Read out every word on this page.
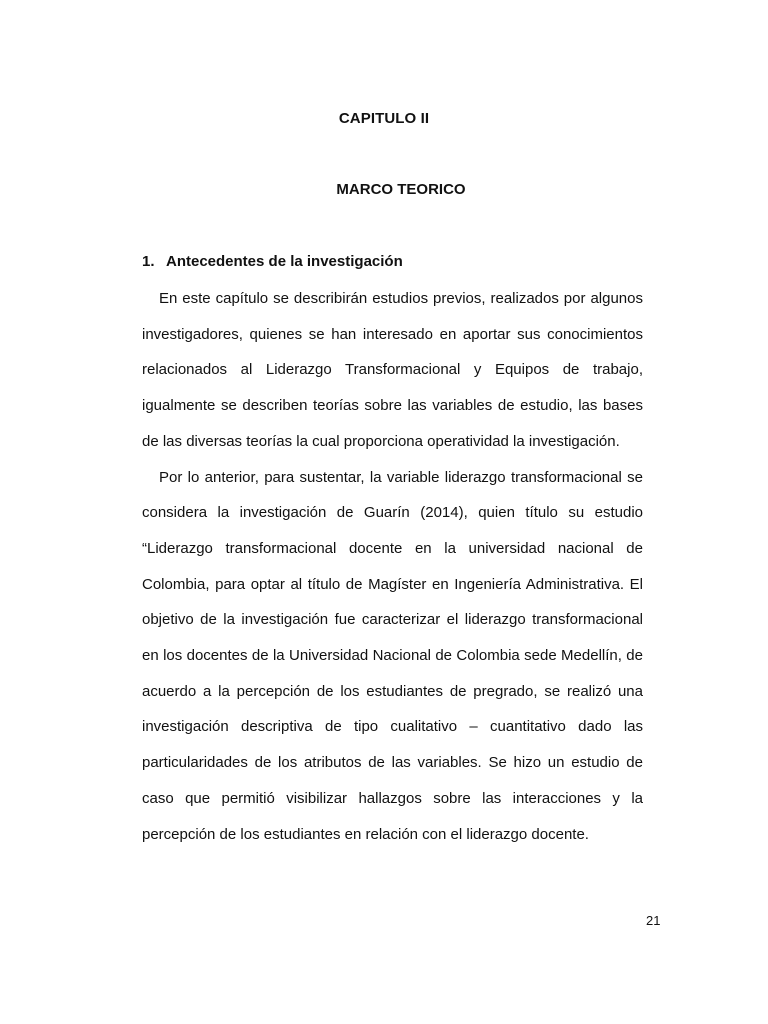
CAPITULO II
MARCO TEORICO
1. Antecedentes de la investigación

En este capítulo se describirán estudios previos, realizados por algunos investigadores, quienes se han interesado en aportar sus conocimientos relacionados al Liderazgo Transformacional y Equipos de trabajo, igualmente se describen teorías sobre las variables de estudio, las bases de las diversas teorías la cual proporciona operatividad la investigación.

Por lo anterior, para sustentar, la variable liderazgo transformacional se considera la investigación de Guarín (2014), quien título su estudio “Liderazgo transformacional docente en la universidad nacional de Colombia, para optar al título de Magíster en Ingeniería Administrativa. El objetivo de la investigación fue caracterizar el liderazgo transformacional en los docentes de la Universidad Nacional de Colombia sede Medellín, de acuerdo a la percepción de los estudiantes de pregrado, se realizó una investigación descriptiva de tipo cualitativo – cuantitativo dado las particularidades de los atributos de las variables. Se hizo un estudio de caso que permitió visibilizar hallazgos sobre las interacciones y la percepción de los estudiantes en relación con el liderazgo docente.

21
